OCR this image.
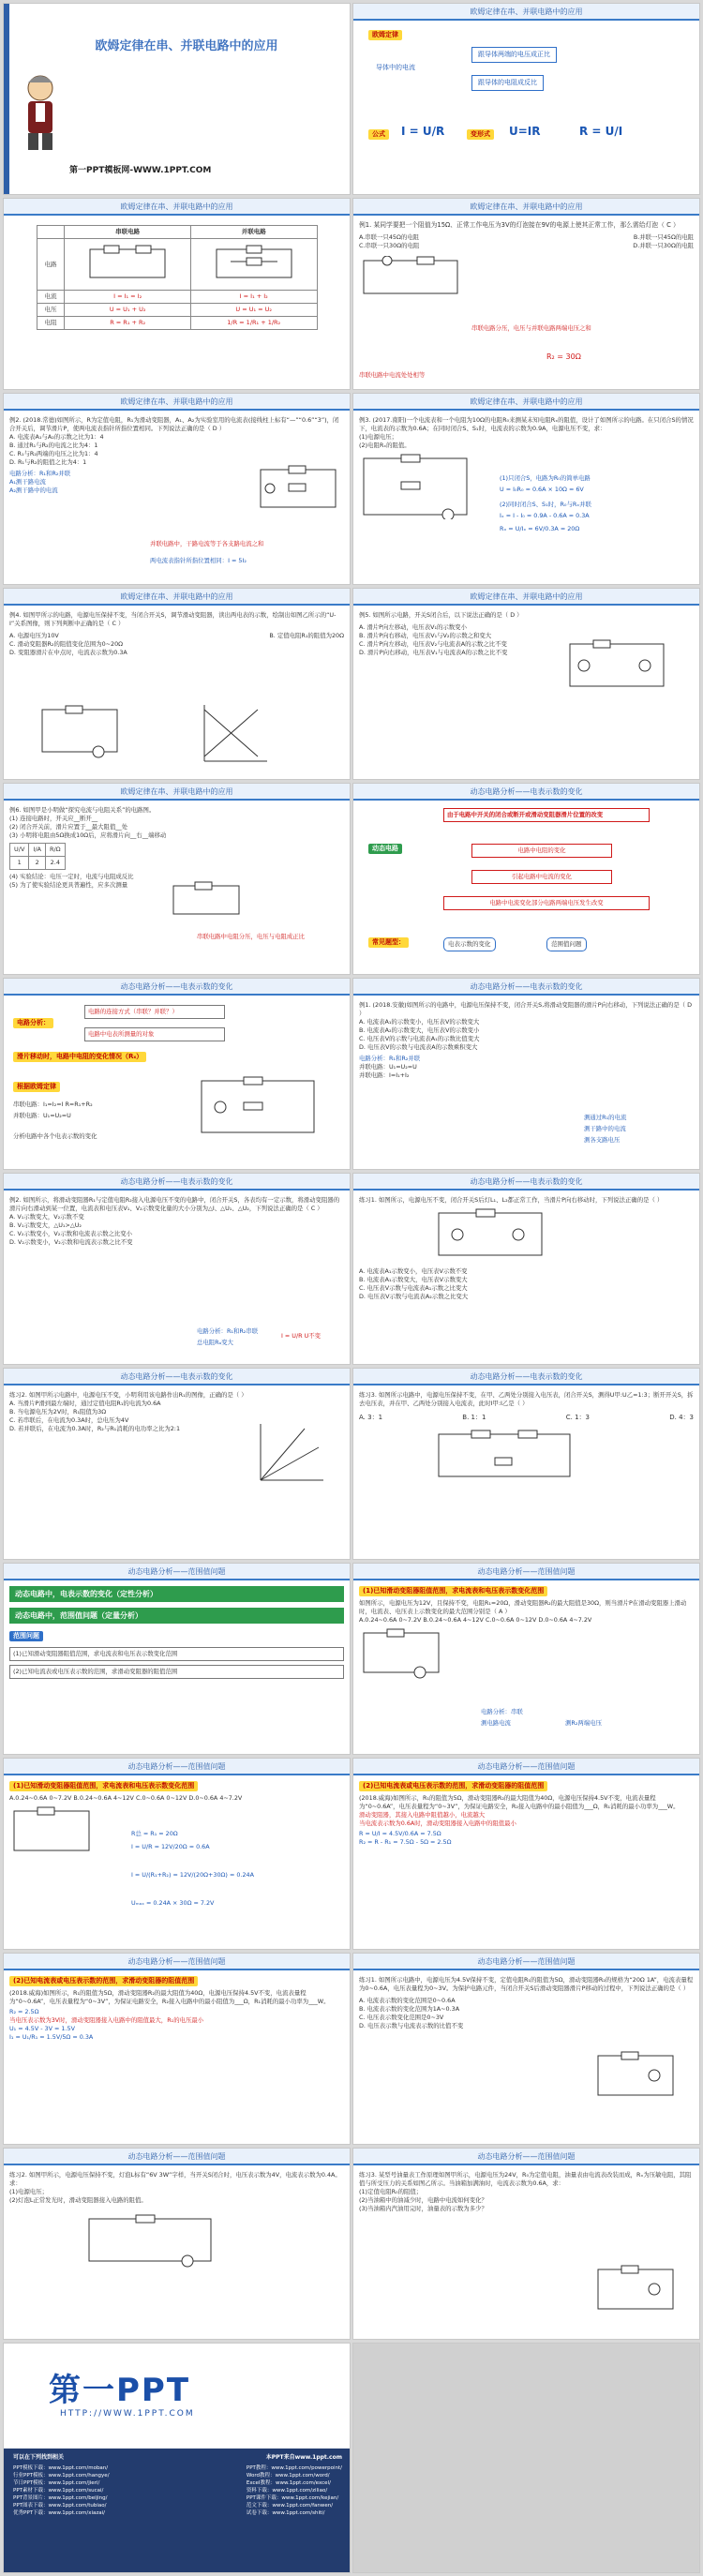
欧姆定律在串、并联电路中的应用
第一PPT模板网-WWW.1PPT.COM
欧姆定律在串、并联电路中的应用
欧姆定律
导体中的电流
跟导体两端的电压成正比
跟导体的电阻成反比
公式	I = U/R	变形式	U=IR	R = U/I
欧姆定律在串、并联电路中的应用
	串联电路	并联电路
电路		
电流	I = I₁ = I₂	I = I₁ + I₂
电压	U = U₁ + U₂	U = U₁ = U₂
电阻	R = R₁ + R₂	1/R = 1/R₁ + 1/R₂
欧姆定律在串、并联电路中的应用
例1. 某同学要把一个阻值为15Ω、正常工作电压为3V的灯泡接在9V的电源上使其正常工作，那么需给灯泡（ C ）
A.串联一只45Ω的电阻	B.并联一只45Ω的电阻
C.串联一只30Ω的电阻	D.并联一只30Ω的电阻
串联电路分压，电压与并联电路两端电压之和
串联电路中电流处处相等
R₂ = 30Ω
欧姆定律在串、并联电路中的应用
例2. (2018.常德)如图所示，R为定值电阻，R₁为滑动变阻器，A₁、A₂为实验室用的电流表(接线柱上标有“—”“0.6”“3”)，闭合开关后，调节滑片P，使两电流表指针所指位置相同。下列说法正确的是（ D ）
A. 电流表A₁与A₂的示数之比为1：4
B. 通过R₁与R₂的电流之比为4：1
C. R₁与R₂两端的电压之比为1：4
D. R₁与R₂的阻值之比为4：1
电路分析：R₁和R₂并联
A₁测干路电流
A₂测干路中的电流
并联电路中，干路电流等于各支路电流之和
两电流表指针所指位置相同：I = 5I₂
欧姆定律在串、并联电路中的应用
例3. (2017.南阳)一个电流表和一个电阻为10Ω的电阻R₀来测某未知电阻Rₓ的阻值，设计了如图所示的电路。在只闭合S的情况下，电流表的示数为0.6A；在同时闭合S、S₁时，电流表的示数为0.9A，电源电压不变，求：
(1)电源电压；
(2)电阻Rₓ的阻值。
(1)只闭合S，电路为R₀的简单电路
U = I₀R₀ = 0.6A × 10Ω = 6V
(2)同时闭合S、S₁时，R₀与Rₓ并联
Iₓ = I - I₀ = 0.9A - 0.6A = 0.3A
Rₓ = U/Iₓ = 6V/0.3A = 20Ω
欧姆定律在串、并联电路中的应用
例4. 如图甲所示的电路，电源电压保持不变，当闭合开关S，调节滑动变阻器，读出两电表的示数，绘制出如图乙所示的“U-I”关系图像，则下列判断中正确的是（ C ）
A. 电源电压为10V	B. 定值电阻R₁的阻值为20Ω
C. 滑动变阻器R₂的阻值变化范围为0~20Ω
D. 变阻器滑片在中点时，电流表示数为0.3A
欧姆定律在串、并联电路中的应用
例5. 如图所示电路，开关S闭合后，以下说法正确的是（ D ）
A. 滑片P向左移动，电压表V₁的示数变小
B. 滑片P向右移动，电压表V₁与V₂的示数之和变大
C. 滑片P向左移动，电压表V₂与电流表A的示数之比不变
D. 滑片P向右移动，电压表V₁与电流表A的示数之比不变
欧姆定律在串、并联电路中的应用
例6. 如图甲是小明做“探究电流与电阻关系”的电路图。
(1) 连接电路时，开关应__断开__
(2) 闭合开关前，滑片应置于__最大阻值__处
(3) 小明将电阻由5Ω换成10Ω后，应将滑片向__右__端移动
U/V	I/A	R/Ω
1	2	2.4
(4) 实验结论：电压一定时，电流与电阻成反比
(5) 为了使实验结论更具普遍性，应多次测量
串联电路中电阻分压，电压与电阻成正比
动态电路分析——电表示数的变化
动态电路
由于电路中开关的闭合或断开或滑动变阻器滑片位置的改变
电路中电阻的变化
引起电路中电流的变化
电路中电流变化部分电路两端电压发生改变
常见题型：	电表示数的变化	范围值问题
动态电路分析——电表示数的变化
电路分析：
电路的连接方式（串联？并联？）
电路中电表所测量的对象
滑片移动时，电路中电阻的变化情况（Rₓ）
根据欧姆定律
串联电路：I₁=I₂=I R=R₁+R₂
并联电路：U₁=U₂=U
分析电路中各个电表示数的变化
动态电路分析——电表示数的变化
例1. (2018.安徽)如图所示的电路中，电源电压保持不变，闭合开关S,将滑动变阻器的滑片P向右移动，下列说法正确的是（ D ）
A. 电流表A₁的示数变小，电压表V的示数变大
B. 电流表A₂的示数变大，电压表V的示数变小
C. 电压表V的示数与电流表A₁的示数比值变大
D. 电压表V的示数与电流表A的示数乘积变大
电路分析：R₁和R₂并联
并联电路：U₁=U₂=U
并联电路：I=I₁+I₂
测通过R₁的电流
测干路中的电流
测各支路电压
动态电路分析——电表示数的变化
例2. 如图所示，将滑动变阻器R₁与定值电阻R₂接入电源电压不变的电路中，闭合开关S，各表均有一定示数，将滑动变阻器的滑片向右滑动到某一位置，电流表和电压表V₁、V₂示数变化量的大小分别为△I、△U₁、△U₂，下列说法正确的是（ C ）
A. V₁示数变大，V₂示数不变
B. V₁示数变大，△U₁>△U₂
C. V₂示数变小，V₂示数和电流表示数之比变小
D. V₂示数变小，V₂示数和电流表示数之比不变
电路分析：R₁和R₂串联
总电阻Rₐ变大
I = U/R U不变
动态电路分析——电表示数的变化
练习1. 如图所示，电源电压不变，闭合开关S后灯L₁、L₂都正常工作，当滑片P向右移动时，下列说法正确的是（ ）
A. 电流表A₁示数变小，电压表V示数不变
B. 电流表A₁示数变大，电压表V示数变大
C. 电压表V示数与电流表A₁示数之比变大
D. 电压表V示数与电流表A₂示数之比变大
动态电路分析——电表示数的变化
练习2. 如图甲所示电路中，电源电压不变，小明利用该电路作出R₁的图像，正确的是（ ）
A. 当滑片P滑到最左端时，通过定值电阻R₁的电流为0.6A
B. 当电源电压为2V时，R₁阻值为3Ω
C. 若串联后，在电流为0.3A时，总电压为4V
D. 若并联后，在电流为0.3A时，R₂与R₁消耗的电功率之比为2:1
动态电路分析——电表示数的变化
练习3. 如图所示电路中，电源电压保持不变，在甲、乙两处分别接入电压表，闭合开关S，测得U甲:U乙=1:3；断开开关S，拆去电压表，并在甲、乙两处分别接入电流表，此时I甲:I乙是（ ）
A. 3：1	B. 1：1	C. 1：3	D. 4：3
动态电路分析——范围值问题
动态电路中，电表示数的变化（定性分析）
动态电路中，范围值问题（定量分析）
范围问题
(1)已知滑动变阻器阻值范围，求电流表和电压表示数变化范围
(2)已知电流表或电压表示数的范围，求滑动变阻器的阻值范围
动态电路分析——范围值问题
(1)已知滑动变阻器阻值范围，求电流表和电压表示数变化范围
如图所示，电源电压为12V，且保持不变，电阻R₁=20Ω，滑动变阻器R₂的最大阻值是30Ω，则当滑片P在滑动变阻器上滑动时，电流表、电压表上示数变化的最大范围分别是（ A ）
A.0.24~0.6A 0~7.2V B.0.24~0.6A 4~12V C.0~0.6A 0~12V D.0~0.6A 4~7.2V
电路分析：串联
测电路电流	测R₂两端电压
动态电路分析——范围值问题
(1)已知滑动变阻器阻值范围，求电流表和电压表示数变化范围
A.0.24~0.6A 0~7.2V B.0.24~0.6A 4~12V C.0~0.6A 0~12V D.0~0.6A 4~7.2V
R总 = R₁ = 20Ω
I = U/R = 12V/20Ω = 0.6A
I = U/(R₁+R₂) = 12V/(20Ω+30Ω) = 0.24A
Uₘₐₓ = 0.24A × 30Ω = 7.2V
动态电路分析——范围值问题
(2)已知电流表或电压表示数的范围，求滑动变阻器的阻值范围
(2018.威海)如图所示，R₁的阻值为5Ω，滑动变阻器R₂的最大阻值为40Ω，电源电压保持4.5V不变，电流表量程为“0~0.6A”，电压表量程为“0~3V”，为保证电路安全，R₂接入电路中的最小阻值为___Ω，R₁消耗的最小功率为___W。
滑动变阻器，其接入电路中阻值越小，电流越大
当电流表示数为0.6A时，滑动变阻器接入电路中的阻值最小
R = U/I = 4.5V/0.6A = 7.5Ω
R₂ = R - R₁ = 7.5Ω - 5Ω = 2.5Ω
动态电路分析——范围值问题
(2)已知电流表或电压表示数的范围，求滑动变阻器的阻值范围
(2018.威海)如图所示，R₁的阻值为5Ω，滑动变阻器R₂的最大阻值为40Ω，电源电压保持4.5V不变，电流表量程为“0~0.6A”，电压表量程为“0~3V”，为保证电路安全，R₂接入电路中的最小阻值为___Ω，R₁消耗的最小功率为___W。
R₂ = 2.5Ω
当电压表示数为3V时，滑动变阻器接入电路中的阻值最大，R₁的电压最小
U₁ = 4.5V - 3V = 1.5V
I₁ = U₁/R₁ = 1.5V/5Ω = 0.3A
动态电路分析——范围值问题
练习1. 如图所示电路中，电源电压为4.5V保持不变，定值电阻R₁的阻值为5Ω，滑动变阻器R₂的规格为“20Ω 1A”，电流表量程为0~0.6A，电压表量程为0~3V。为保护电路元件，当闭合开关S后滑动变阻器滑片P移动的过程中，下列说法正确的是（ ）
A. 电流表示数的变化范围是0~0.6A
B. 电流表示数的变化范围为1A~0.3A
C. 电压表示数变化范围是0~3V
D. 电压表示数与电流表示数的比值不变
动态电路分析——范围值问题
练习2. 如图甲所示，电源电压保持不变，灯泡L标有“6V 3W”字样，当开关S闭合时，电压表示数为4V，电流表示数为0.4A。求：
(1)电源电压；
(2)灯泡L正常发光时，滑动变阻器接入电路的阻值。
动态电路分析——范围值问题
练习3. 某型号油量表工作原理如图甲所示，电源电压为24V，R₀为定值电阻，油量表由电流表改装而成，Rₓ为压敏电阻，其阻值与所受压力的关系如图乙所示。当油箱加满油时，电流表示数为0.6A，求：
(1)定值电阻R₀的阻值；
(2)当油箱中的油减少时，电路中电流如何变化？
(3)当油箱内汽油用完时，油量表的示数为多少？
第一PPT
HTTP://WWW.1PPT.COM
可以在下列找到相关	本PPT来自www.1ppt.com
PPT模板下载：www.1ppt.com/moban/
行业PPT模板：www.1ppt.com/hangye/
节日PPT模板：www.1ppt.com/jieri/
PPT素材下载：www.1ppt.com/sucai/
PPT背景图片：www.1ppt.com/beijing/
PPT图表下载：www.1ppt.com/tubiao/
优秀PPT下载：www.1ppt.com/xiazai/
PPT教程：www.1ppt.com/powerpoint/
Word教程：www.1ppt.com/word/
Excel教程：www.1ppt.com/excel/
资料下载：www.1ppt.com/ziliao/
PPT课件下载：www.1ppt.com/kejian/
范文下载：www.1ppt.com/fanwen/
试卷下载：www.1ppt.com/shiti/
